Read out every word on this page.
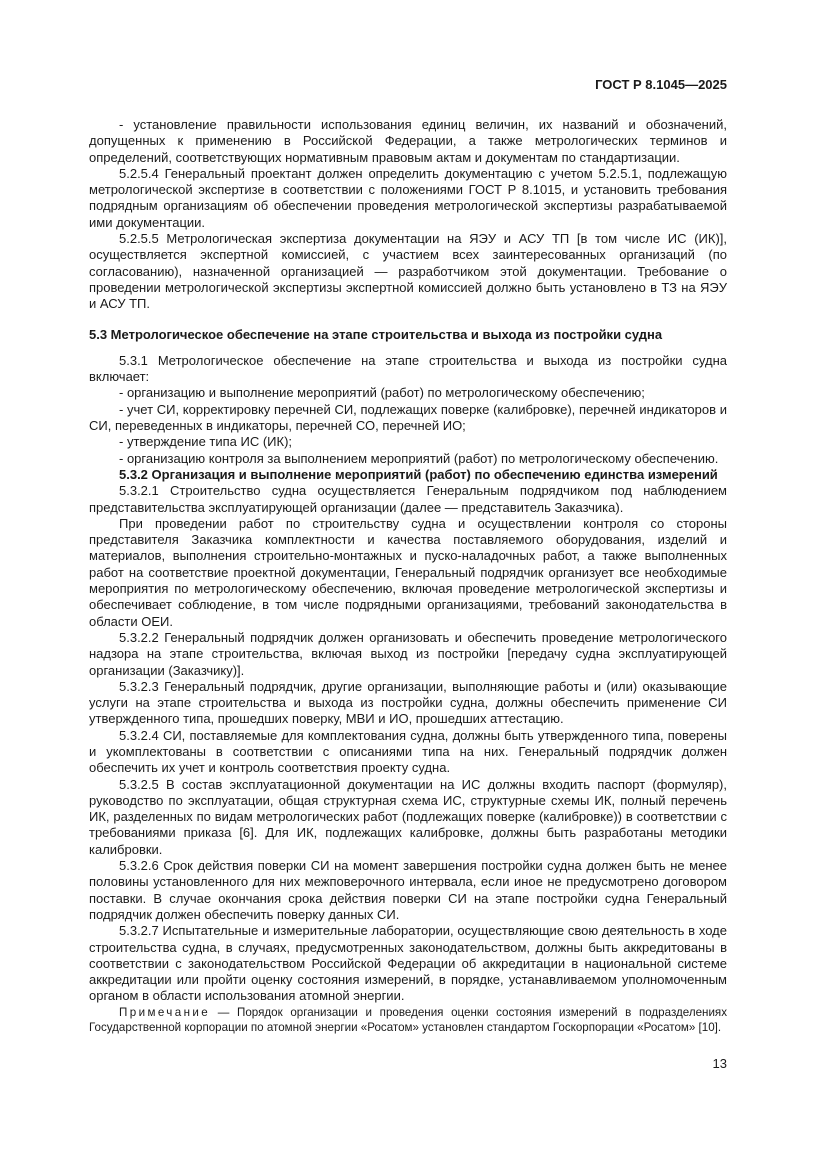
ГОСТ Р 8.1045—2025

- установление правильности использования единиц величин, их названий и обозначений, допущенных к применению в Российской Федерации, а также метрологических терминов и определений, соответствующих нормативным правовым актам и документам по стандартизации.

5.2.5.4 Генеральный проектант должен определить документацию с учетом 5.2.5.1, подлежащую метрологической экспертизе в соответствии с положениями ГОСТ Р 8.1015, и установить требования подрядным организациям об обеспечении проведения метрологической экспертизы разрабатываемой ими документации.

5.2.5.5 Метрологическая экспертиза документации на ЯЭУ и АСУ ТП [в том числе ИС (ИК)], осуществляется экспертной комиссией, с участием всех заинтересованных организаций (по согласованию), назначенной организацией — разработчиком этой документации. Требование о проведении метрологической экспертизы экспертной комиссией должно быть установлено в ТЗ на ЯЭУ и АСУ ТП.

5.3 Метрологическое обеспечение на этапе строительства и выхода из постройки судна

5.3.1 Метрологическое обеспечение на этапе строительства и выхода из постройки судна включает:

- организацию и выполнение мероприятий (работ) по метрологическому обеспечению;

- учет СИ, корректировку перечней СИ, подлежащих поверке (калибровке), перечней индикаторов и СИ, переведенных в индикаторы, перечней СО, перечней ИО;

- утверждение типа ИС (ИК);

- организацию контроля за выполнением мероприятий (работ) по метрологическому обеспечению.

5.3.2 Организация и выполнение мероприятий (работ) по обеспечению единства измерений

5.3.2.1 Строительство судна осуществляется Генеральным подрядчиком под наблюдением представительства эксплуатирующей организации (далее — представитель Заказчика).

При проведении работ по строительству судна и осуществлении контроля со стороны представителя Заказчика комплектности и качества поставляемого оборудования, изделий и материалов, выполнения строительно-монтажных и пуско-наладочных работ, а также выполненных работ на соответствие проектной документации, Генеральный подрядчик организует все необходимые мероприятия по метрологическому обеспечению, включая проведение метрологической экспертизы и обеспечивает соблюдение, в том числе подрядными организациями, требований законодательства в области ОЕИ.

5.3.2.2 Генеральный подрядчик должен организовать и обеспечить проведение метрологического надзора на этапе строительства, включая выход из постройки [передачу судна эксплуатирующей организации (Заказчику)].

5.3.2.3 Генеральный подрядчик, другие организации, выполняющие работы и (или) оказывающие услуги на этапе строительства и выхода из постройки судна, должны обеспечить применение СИ утвержденного типа, прошедших поверку, МВИ и ИО, прошедших аттестацию.

5.3.2.4 СИ, поставляемые для комплектования судна, должны быть утвержденного типа, поверены и укомплектованы в соответствии с описаниями типа на них. Генеральный подрядчик должен обеспечить их учет и контроль соответствия проекту судна.

5.3.2.5 В состав эксплуатационной документации на ИС должны входить паспорт (формуляр), руководство по эксплуатации, общая структурная схема ИС, структурные схемы ИК, полный перечень ИК, разделенных по видам метрологических работ (подлежащих поверке (калибровке)) в соответствии с требованиями приказа [6]. Для ИК, подлежащих калибровке, должны быть разработаны методики калибровки.

5.3.2.6 Срок действия поверки СИ на момент завершения постройки судна должен быть не менее половины установленного для них межповерочного интервала, если иное не предусмотрено договором поставки. В случае окончания срока действия поверки СИ на этапе постройки судна Генеральный подрядчик должен обеспечить поверку данных СИ.

5.3.2.7 Испытательные и измерительные лаборатории, осуществляющие свою деятельность в ходе строительства судна, в случаях, предусмотренных законодательством, должны быть аккредитованы в соответствии с законодательством Российской Федерации об аккредитации в национальной системе аккредитации или пройти оценку состояния измерений, в порядке, устанавливаемом уполномоченным органом в области использования атомной энергии.

Примечание — Порядок организации и проведения оценки состояния измерений в подразделениях Государственной корпорации по атомной энергии «Росатом» установлен стандартом Госкорпорации «Росатом» [10].

13
